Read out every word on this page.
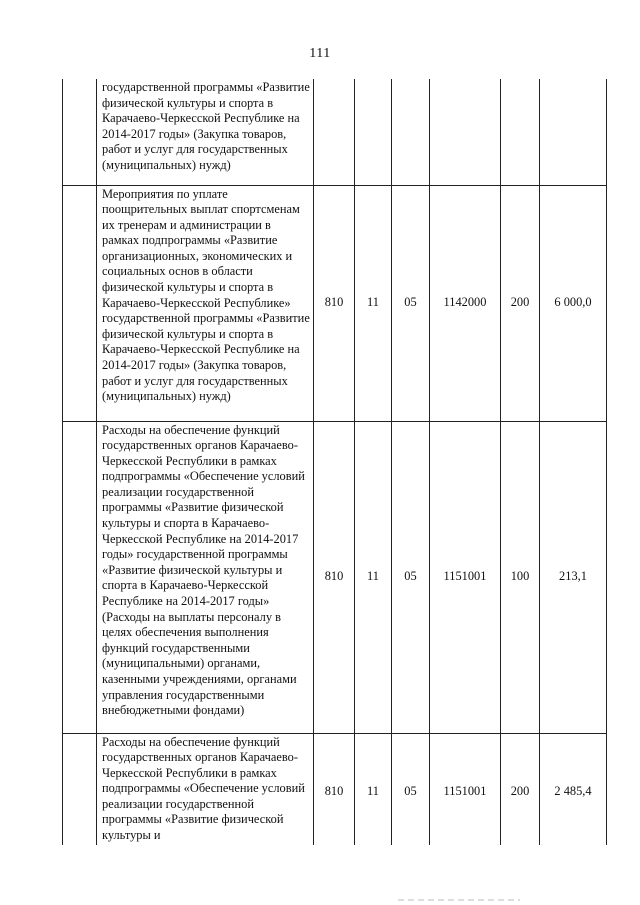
111
	государственной программы «Развитие физической культуры и спорта в Карачаево-Черкесской Республике на 2014-2017 годы» (Закупка товаров, работ и услуг для государственных (муниципальных) нужд)						
	Мероприятия по уплате поощрительных выплат спортсменам их тренерам и администрации в рамках подпрограммы «Развитие организационных, экономических и социальных основ в области физической культуры и спорта в Карачаево-Черкесской Республике» государственной программы «Развитие физической культуры и спорта в Карачаево-Черкесской Республике на 2014-2017 годы» (Закупка товаров, работ и услуг для государственных (муниципальных) нужд)	810	11	05	1142000	200	6 000,0
	Расходы на обеспечение функций государственных органов Карачаево-Черкесской Республики в рамках подпрограммы «Обеспечение условий реализации государственной программы «Развитие физической культуры и спорта в Карачаево-Черкесской Республике на 2014-2017 годы» государственной программы «Развитие физической культуры и спорта в Карачаево-Черкесской Республике на 2014-2017 годы» (Расходы на выплаты персоналу в целях обеспечения выполнения функций государственными (муниципальными) органами, казенными учреждениями, органами управления государственными внебюджетными фондами)	810	11	05	1151001	100	213,1
	Расходы на обеспечение функций государственных органов Карачаево-Черкесской Республики в рамках подпрограммы «Обеспечение условий реализации государственной программы «Развитие физической культуры и	810	11	05	1151001	200	2 485,4
